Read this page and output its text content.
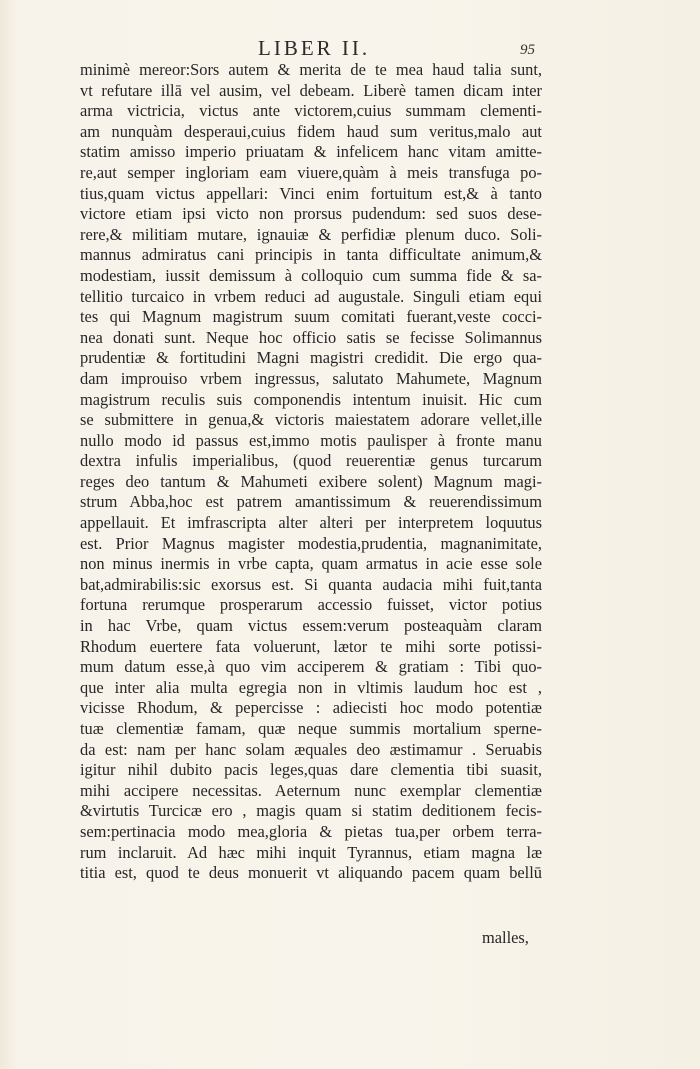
LIBER II.	95
minimè mereor:Sors autem & merita de te mea haud talia sunt,
vt refutare illā vel ausim, vel debeam. Liberè tamen dicam inter
arma victricia, victus ante victorem,cuius summam clementi-
am nunquàm desperaui,cuius fidem haud sum veritus,malo aut
statim amisso imperio priuatam & infelicem hanc vitam amitte-
re,aut semper ingloriam eam viuere,quàm à meis transfuga po-
tius,quam victus appellari: Vinci enim fortuitum est,& à tanto
victore etiam ipsi victo non prorsus pudendum: sed suos dese-
rere,& militiam mutare, ignauiæ & perfidiæ plenum duco. Soli-
mannus admiratus cani principis in tanta difficultate animum,&
modestiam, iussit demissum à colloquio cum summa fide & sa-
tellitio turcaico in vrbem reduci ad augustale. Singuli etiam equi
tes qui Magnum magistrum suum comitati fuerant,veste cocci-
nea donati sunt. Neque hoc officio satis se fecisse Solimannus
prudentiæ & fortitudini Magni magistri credidit. Die ergo qua-
dam improuiso vrbem ingressus, salutato Mahumete, Magnum
magistrum reculis suis componendis intentum inuisit. Hic cum
se submittere in genua,& victoris maiestatem adorare vellet,ille
nullo modo id passus est,immo motis paulisper à fronte manu
dextra infulis imperialibus, (quod reuerentiæ genus turcarum
reges deo tantum & Mahumeti exibere solent) Magnum magi-
strum Abba,hoc est patrem amantissimum & reuerendissimum
appellauit. Et imfrascripta alter alteri per interpretem loquutus
est. Prior Magnus magister modestia,prudentia, magnanimitate,
non minus inermis in vrbe capta, quam armatus in acie esse sole
bat,admirabilis:sic exorsus est. Si quanta audacia mihi fuit,tanta
fortuna rerumque prosperarum accessio fuisset, victor potius
in hac Vrbe, quam victus essem:verum posteaquàm claram
Rhodum euertere fata voluerunt, lætor te mihi sorte potissi-
mum datum esse,à quo vim acciperem & gratiam : Tibi quo-
que inter alia multa egregia non in vltimis laudum hoc est ,
vicisse Rhodum, & pepercisse : adiecisti hoc modo potentiæ
tuæ clementiæ famam, quæ neque summis mortalium sperne-
da est: nam per hanc solam æquales deo æstimamur . Seruabis
igitur nihil dubito pacis leges,quas dare clementia tibi suasit,
mihi accipere necessitas. Aeternum nunc exemplar clementiæ
&virtutis Turcicæ ero , magis quam si statim deditionem fecis-
sem:pertinacia modo mea,gloria & pietas tua,per orbem terra-
rum inclaruit. Ad hæc mihi inquit Tyrannus, etiam magna læ
titia est, quod te deus monuerit vt aliquando pacem quam bellū
malles,
